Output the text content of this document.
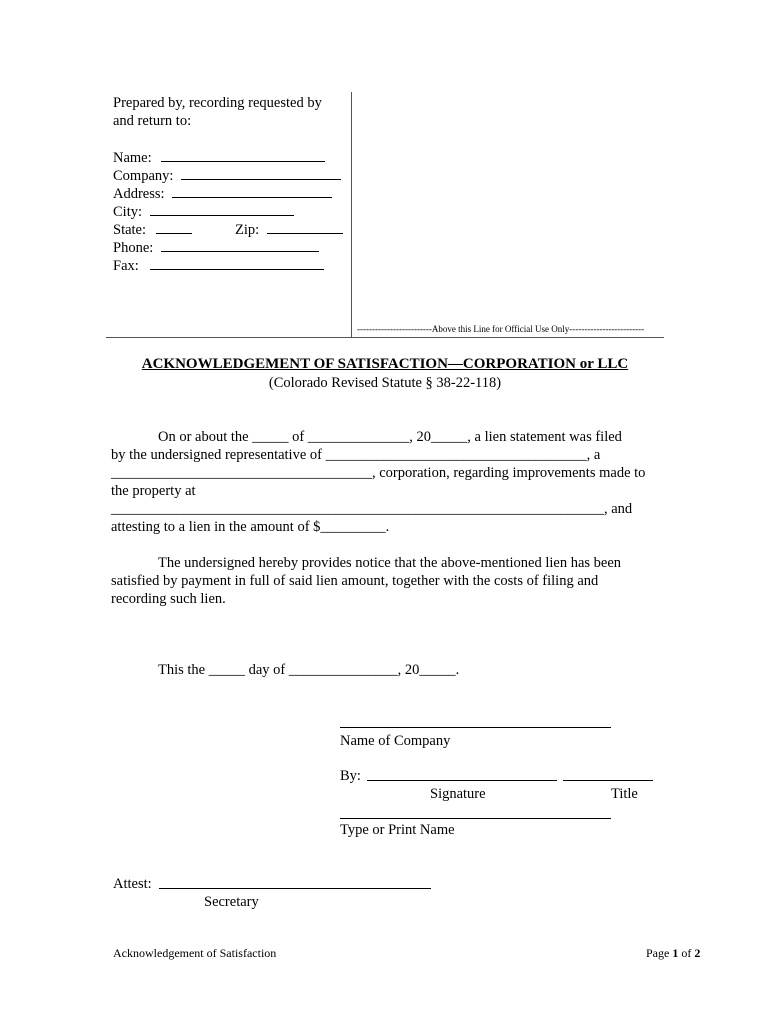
Prepared by, recording requested by
and return to:
Name:
Company:
Address:
City:
State:	Zip:
Phone:
Fax:
-------------------------Above this Line for Official Use Only-------------------------
ACKNOWLEDGEMENT OF SATISFACTION—CORPORATION or LLC
(Colorado Revised Statute § 38-22-118)
On or about the _____ of ______________, 20_____, a lien statement was filed
by the undersigned representative of ____________________________________, a
____________________________________, corporation, regarding improvements made to
the property at
____________________________________________________________________, and
attesting to a lien in the amount of $_________.
The undersigned hereby provides notice that the above-mentioned lien has been
satisfied by payment in full of said lien amount, together with the costs of filing and
recording such lien.
This the _____ day of _______________, 20_____.
Name of Company
By:
Signature	Title
Type or Print Name
Attest:
Secretary
Acknowledgement of Satisfaction	Page 1 of 2
